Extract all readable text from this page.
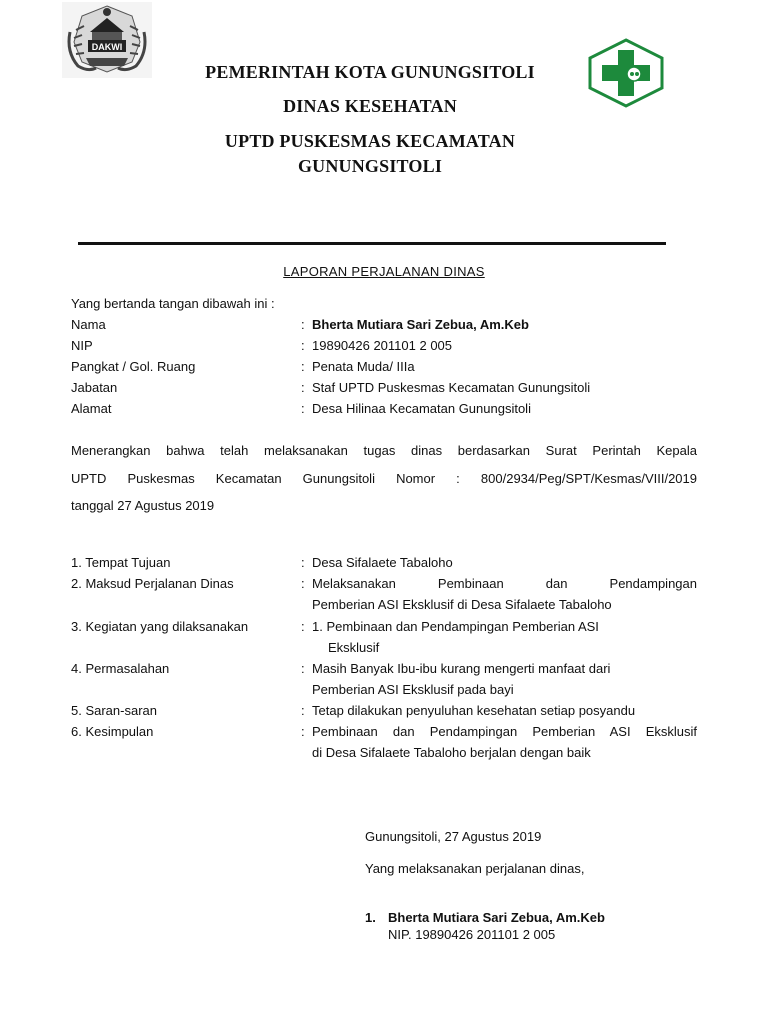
DAKWI
PEMERINTAH KOTA GUNUNGSITOLI
DINAS KESEHATAN
UPTD PUSKESMAS KECAMATAN
GUNUNGSITOLI
LAPORAN PERJALANAN DINAS
Yang bertanda tangan dibawah ini :
Nama	: Bherta Mutiara Sari Zebua, Am.Keb
NIP	: 19890426 201101 2 005
Pangkat / Gol. Ruang	: Penata Muda/ IIIa
Jabatan	: Staf UPTD Puskesmas Kecamatan Gunungsitoli
Alamat	: Desa Hilinaa Kecamatan Gunungsitoli
Menerangkan bahwa telah melaksanakan tugas dinas berdasarkan Surat Perintah Kepala
UPTD Puskesmas Kecamatan Gunungsitoli Nomor : 800/2934/Peg/SPT/Kesmas/VIII/2019
tanggal 27 Agustus 2019
1. Tempat Tujuan	: Desa Sifalaete Tabaloho
2. Maksud Perjalanan Dinas	: Melaksanakan Pembinaan dan Pendampingan
Pemberian ASI Eksklusif di Desa Sifalaete Tabaloho
3. Kegiatan yang dilaksanakan	: 1. Pembinaan dan Pendampingan Pemberian ASI
Eksklusif
4. Permasalahan	: Masih Banyak Ibu-ibu kurang mengerti manfaat dari
Pemberian ASI Eksklusif pada bayi
5. Saran-saran	: Tetap dilakukan penyuluhan kesehatan setiap posyandu
6. Kesimpulan	: Pembinaan dan Pendampingan Pemberian ASI Eksklusif
di Desa Sifalaete Tabaloho berjalan dengan baik
Gunungsitoli, 27 Agustus 2019
Yang melaksanakan perjalanan dinas,
1. Bherta Mutiara Sari Zebua, Am.Keb
NIP. 19890426 201101 2 005
